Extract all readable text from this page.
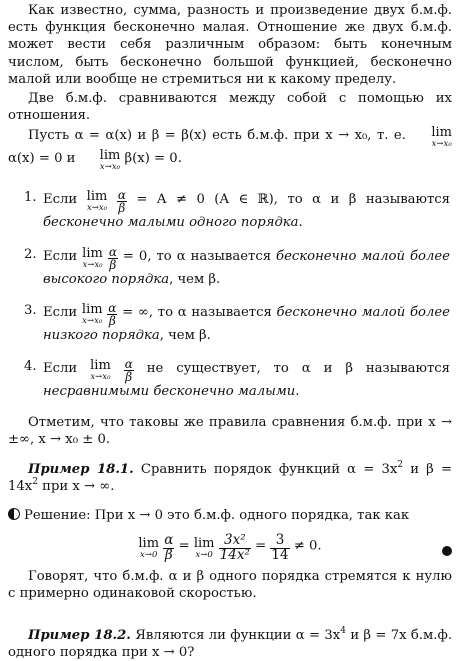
Как известно, сумма, разность и произведение двух б.м.ф. есть функция бесконечно малая. Отношение же двух б.м.ф. может вести себя различным образом: быть конечным числом, быть бесконечно большой функцией, бесконечно малой или вообще не стремиться ни к какому пределу.

Две б.м.ф. сравниваются между собой с помощью их отношения.

Пусть α = α(x) и β = β(x) есть б.м.ф. при x → x₀, т. е.	lim
x→x₀
α(x) = 0 и	lim
x→x₀
β(x) = 0.

1. Если lim
x→x₀
$\frac{\alpha}{\beta} = A \ne 0$ (A ∈ ℝ), то α и β называются бесконечно малыми одного порядка.
2. Если lim
x→x₀
$\frac{\alpha}{\beta} = 0$, то α называется бесконечно малой более высокого порядка, чем β.
3. Если lim
x→x₀
$\frac{\alpha}{\beta}$ = ∞, то α называется бесконечно малой более низкого порядка, чем β.
4. Если lim
x→x₀
$\frac{\alpha}{\beta}$ не существует, то α и β называются несравнимыми бесконечно малыми.

Отметим, что таковы же правила сравнения б.м.ф. при x → ±∞, x → x₀ ± 0.

Пример 18.1. Сравнить порядок функций $\alpha = 3x^2$ и $\beta = 14x^2$ при x → ∞.

Решение: При x → 0 это б.м.ф. одного порядка, так как

lim
x→0
$\frac{\alpha}{\beta} = \lim$
x→0
$\frac{\text{3x²}}{\text{14x²}} = \frac{3}{14} \ne 0$.

Говорят, что б.м.ф. α и β одного порядка стремятся к нулю с примерно одинаковой скоростью.

Пример 18.2. Являются ли функции $\alpha = 3x^4$ и β = 7x б.м.ф. одного порядка при x → 0?
